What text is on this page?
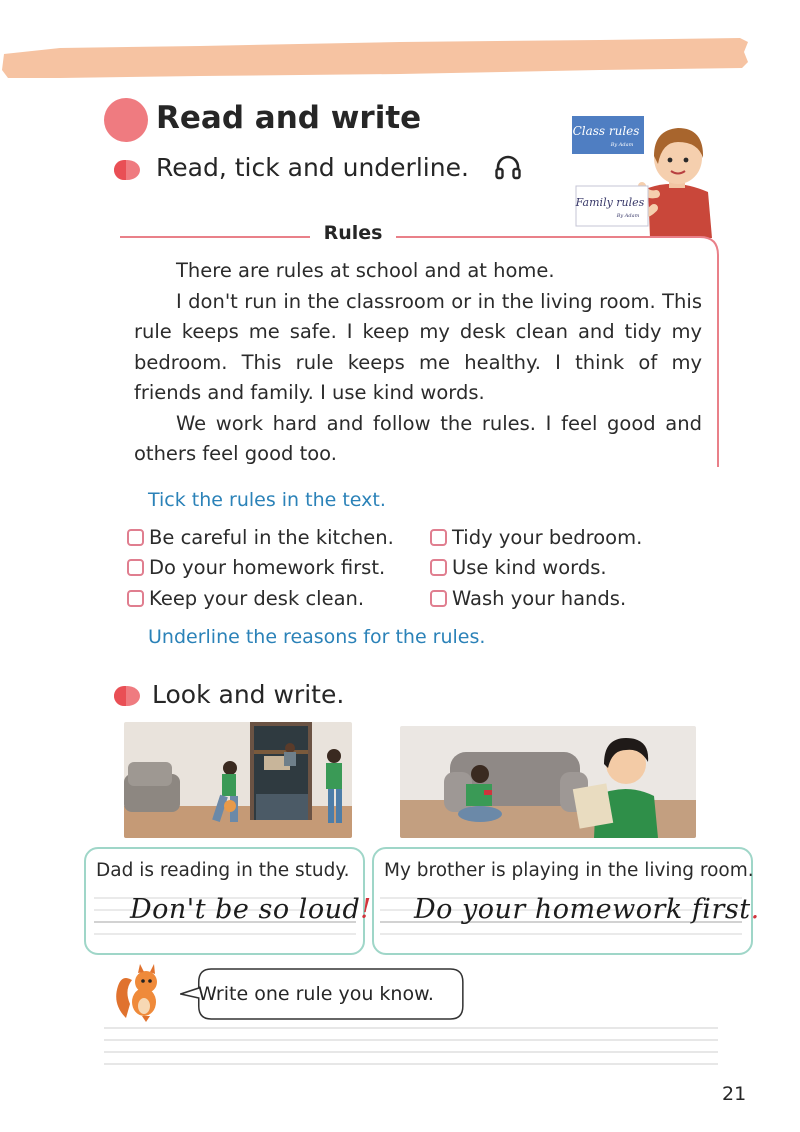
Read and write
Read, tick and underline.
Class rules
By Adam
Family rules
By Adam
Rules

There are rules at school and at home.

I don't run in the classroom or in the living room. This rule keeps me safe. I keep my desk clean and tidy my bedroom. This rule keeps me healthy. I think of my friends and family. I use kind words.

We work hard and follow the rules. I feel good and others feel good too.

Tick the rules in the text.
Be careful in the kitchen.
Do your homework first.
Keep your desk clean.
Tidy your bedroom.
Use kind words.
Wash your hands.
Underline the reasons for the rules.
Look and write.
Dad is reading in the study.
Don't be so loud!
My brother is playing in the living room.
Do your homework first.
Write one rule you know.
21
